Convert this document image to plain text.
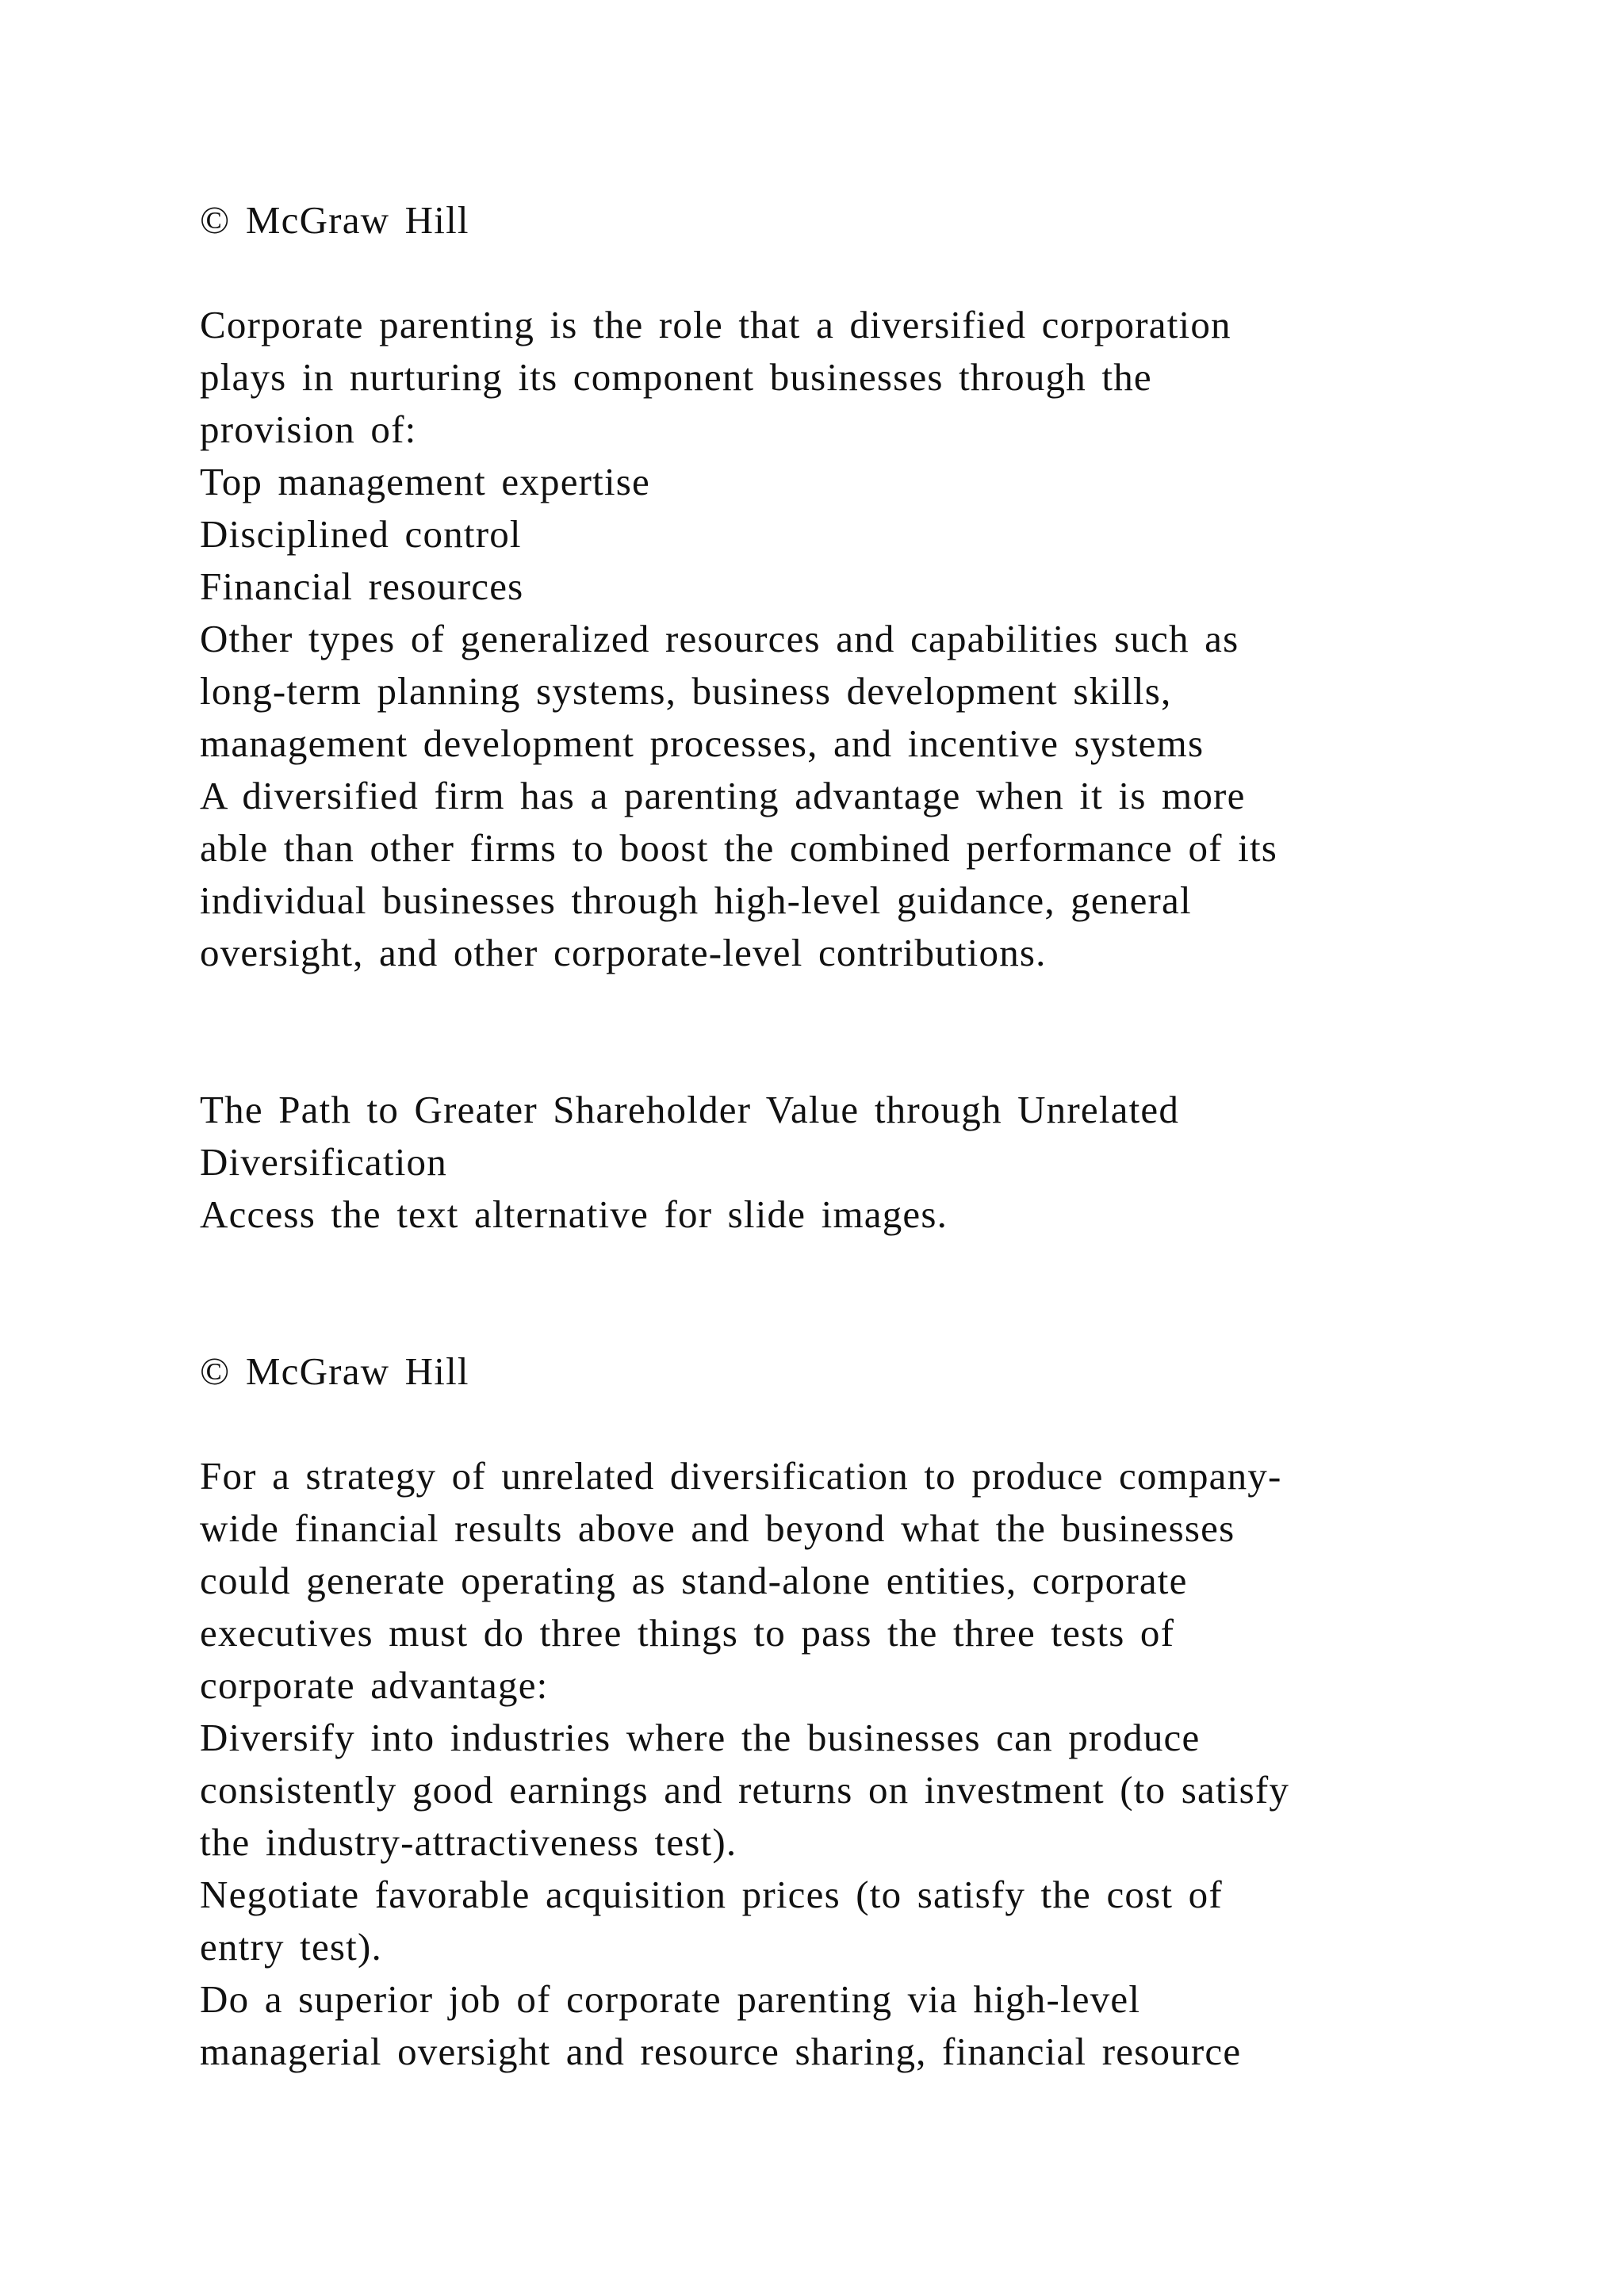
© McGraw Hill
Corporate parenting is the role that a diversified corporation
plays in nurturing its component businesses through the
provision of:
Top management expertise
Disciplined control
Financial resources
Other types of generalized resources and capabilities such as
long-term planning systems, business development skills,
management development processes, and incentive systems
A diversified firm has a parenting advantage when it is more
able than other firms to boost the combined performance of its
individual businesses through high-level guidance, general
oversight, and other corporate-level contributions.
The Path to Greater Shareholder Value through Unrelated
Diversification
Access the text alternative for slide images.
© McGraw Hill
For a strategy of unrelated diversification to produce company-
wide financial results above and beyond what the businesses
could generate operating as stand-alone entities, corporate
executives must do three things to pass the three tests of
corporate advantage:
Diversify into industries where the businesses can produce
consistently good earnings and returns on investment (to satisfy
the industry-attractiveness test).
Negotiate favorable acquisition prices (to satisfy the cost of
entry test).
Do a superior job of corporate parenting via high-level
managerial oversight and resource sharing, financial resource
